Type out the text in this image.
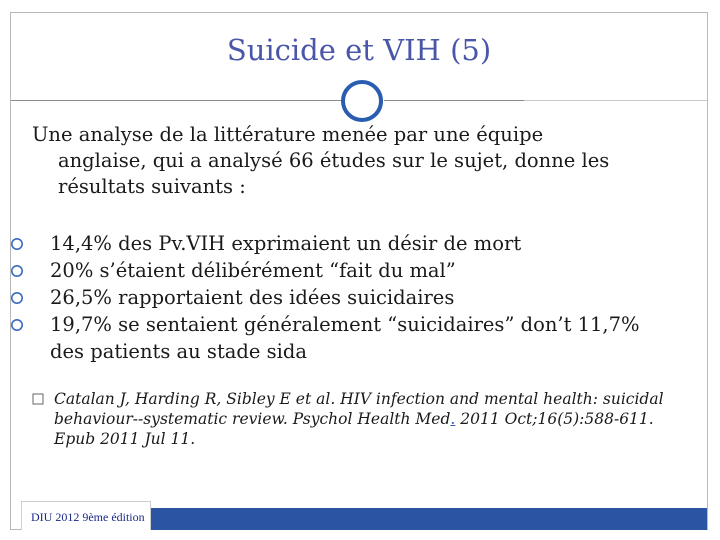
Suicide et VIH (5)
Une analyse de la littérature menée par une équipe
anglaise, qui a analysé 66 études sur le sujet, donne les
résultats suivants :
14,4% des Pv.VIH exprimaient un désir de mort
20% s’étaient délibérément “fait du mal”
26,5% rapportaient des idées suicidaires
19,7% se sentaient généralement “suicidaires” don’t 11,7%
des patients au stade sida
Catalan J, Harding R, Sibley E et al. HIV infection and mental health: suicidal
behaviour--systematic review. Psychol Health Med. 2011 Oct;16(5):588-611.
Epub 2011 Jul 11.
DIU 2012 9ème édition
